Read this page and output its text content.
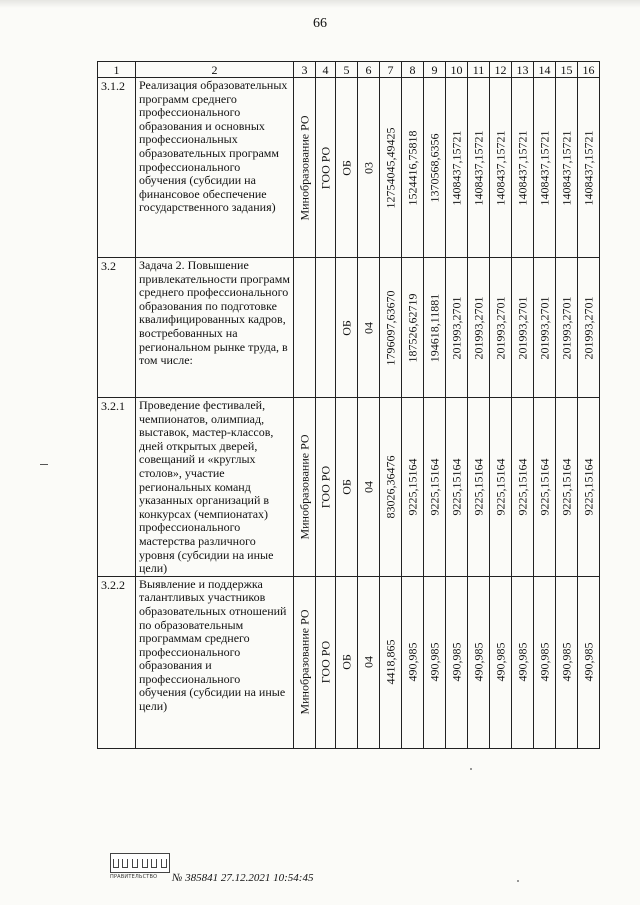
66
1	2	3	4	5	6	7	8	9	10	11	12	13	14	15	16
3.1.2	Реализация образовательных программ среднего профессионального образования и основных профессиональных образовательных программ профессионального обучения (субсидии на финансовое обеспечение государственного задания)	Минобразование РО	ГОО РО	ОБ	03	12754045,49425	1524416,75818	1370568,6356	1408437,15721	1408437,15721	1408437,15721	1408437,15721	1408437,15721	1408437,15721	1408437,15721

3.2	Задача 2. Повышение привлекательности программ среднего профессионального образования по подготовке квалифицированных кадров, востребованных на региональном рынке труда, в том числе:			ОБ	04	1796097,63670	187526,62719	194618,11881	201993,2701	201993,2701	201993,2701	201993,2701	201993,2701	201993,2701	201993,2701

3.2.1	Проведение фестивалей, чемпионатов, олимпиад, выставок, мастер-классов, дней открытых дверей, совещаний и «круглых столов», участие региональных команд указанных организаций в конкурсах (чемпионатах) профессионального мастерства различного уровня (субсидии на иные цели)	Минобразование РО	ГОО РО	ОБ	04	83026,36476	9225,15164	9225,15164	9225,15164	9225,15164	9225,15164	9225,15164	9225,15164	9225,15164	9225,15164

3.2.2	Выявление и поддержка талантливых участников образовательных отношений по образовательным программам среднего профессионального образования и профессионального обучения (субсидии на иные цели)	Минобразование РО	ГОО РО	ОБ	04	4418,865	490,985	490,985	490,985	490,985	490,985	490,985	490,985	490,985	490,985
ПРАВИТЕЛЬСТВО	№ 385841 27.12.2021 10:54:45
